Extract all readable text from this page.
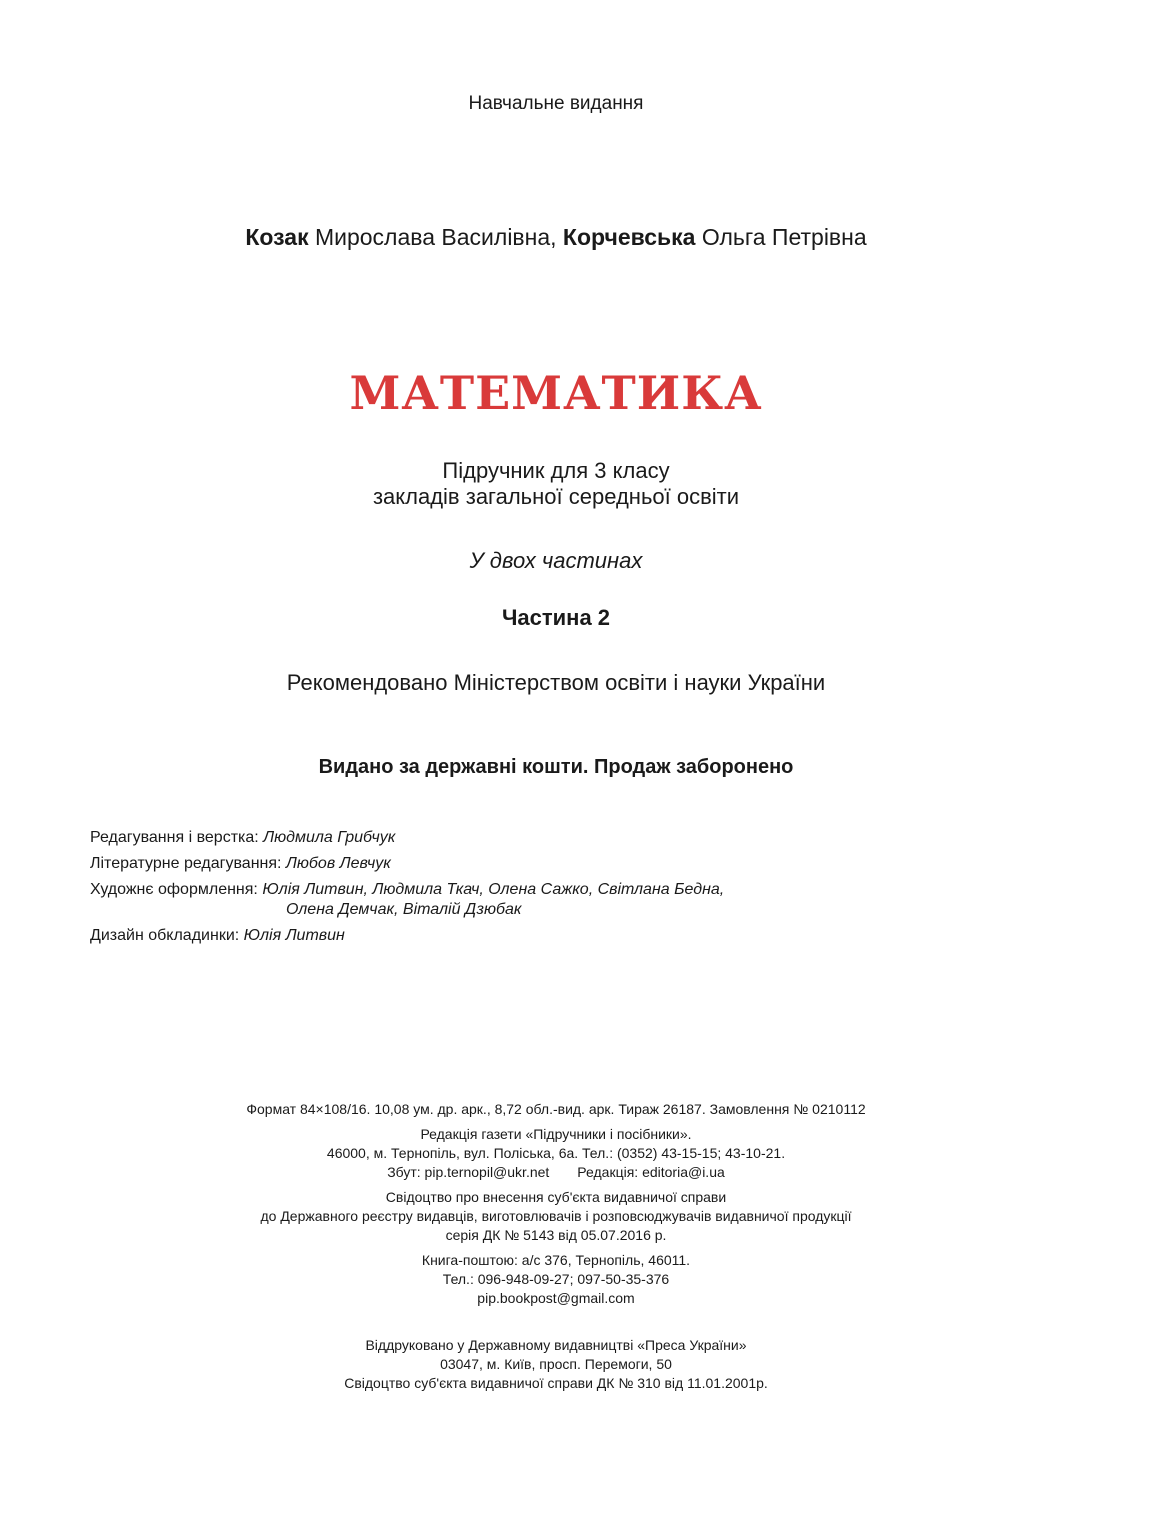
Навчальне видання
Козак Мирослава Василівна, Корчевська Ольга Петрівна
МАТЕМАТИКА
Підручник для 3 класу
закладів загальної середньої освіти
У двох частинах
Частина 2
Рекомендовано Міністерством освіти і науки України
Видано за державні кошти. Продаж заборонено
Редагування і верстка: Людмила Грибчук
Літературне редагування: Любов Левчук
Художнє оформлення: Юлія Литвин, Людмила Ткач, Олена Сажко, Світлана Бедна,
Олена Демчак, Віталій Дзюбак
Дизайн обкладинки: Юлія Литвин
Формат 84×108/16. 10,08 ум. др. арк., 8,72 обл.-вид. арк. Тираж 26187. Замовлення № 0210112
Редакція газети «Підручники і посібники».
46000, м. Тернопіль, вул. Поліська, 6а. Тел.: (0352) 43-15-15; 43-10-21.
Збут: pip.ternopil@ukr.net Редакція: editoria@i.ua
Свідоцтво про внесення суб'єкта видавничої справи
до Державного реєстру видавців, виготовлювачів і розповсюджувачів видавничої продукції
серія ДК № 5143 від 05.07.2016 р.
Книга-поштою: а/с 376, Тернопіль, 46011.
Тел.: 096-948-09-27; 097-50-35-376
pip.bookpost@gmail.com
Віддруковано у Державному видавництві «Преса України»
03047, м. Київ, просп. Перемоги, 50
Свідоцтво суб'єкта видавничої справи ДК № 310 від 11.01.2001р.
